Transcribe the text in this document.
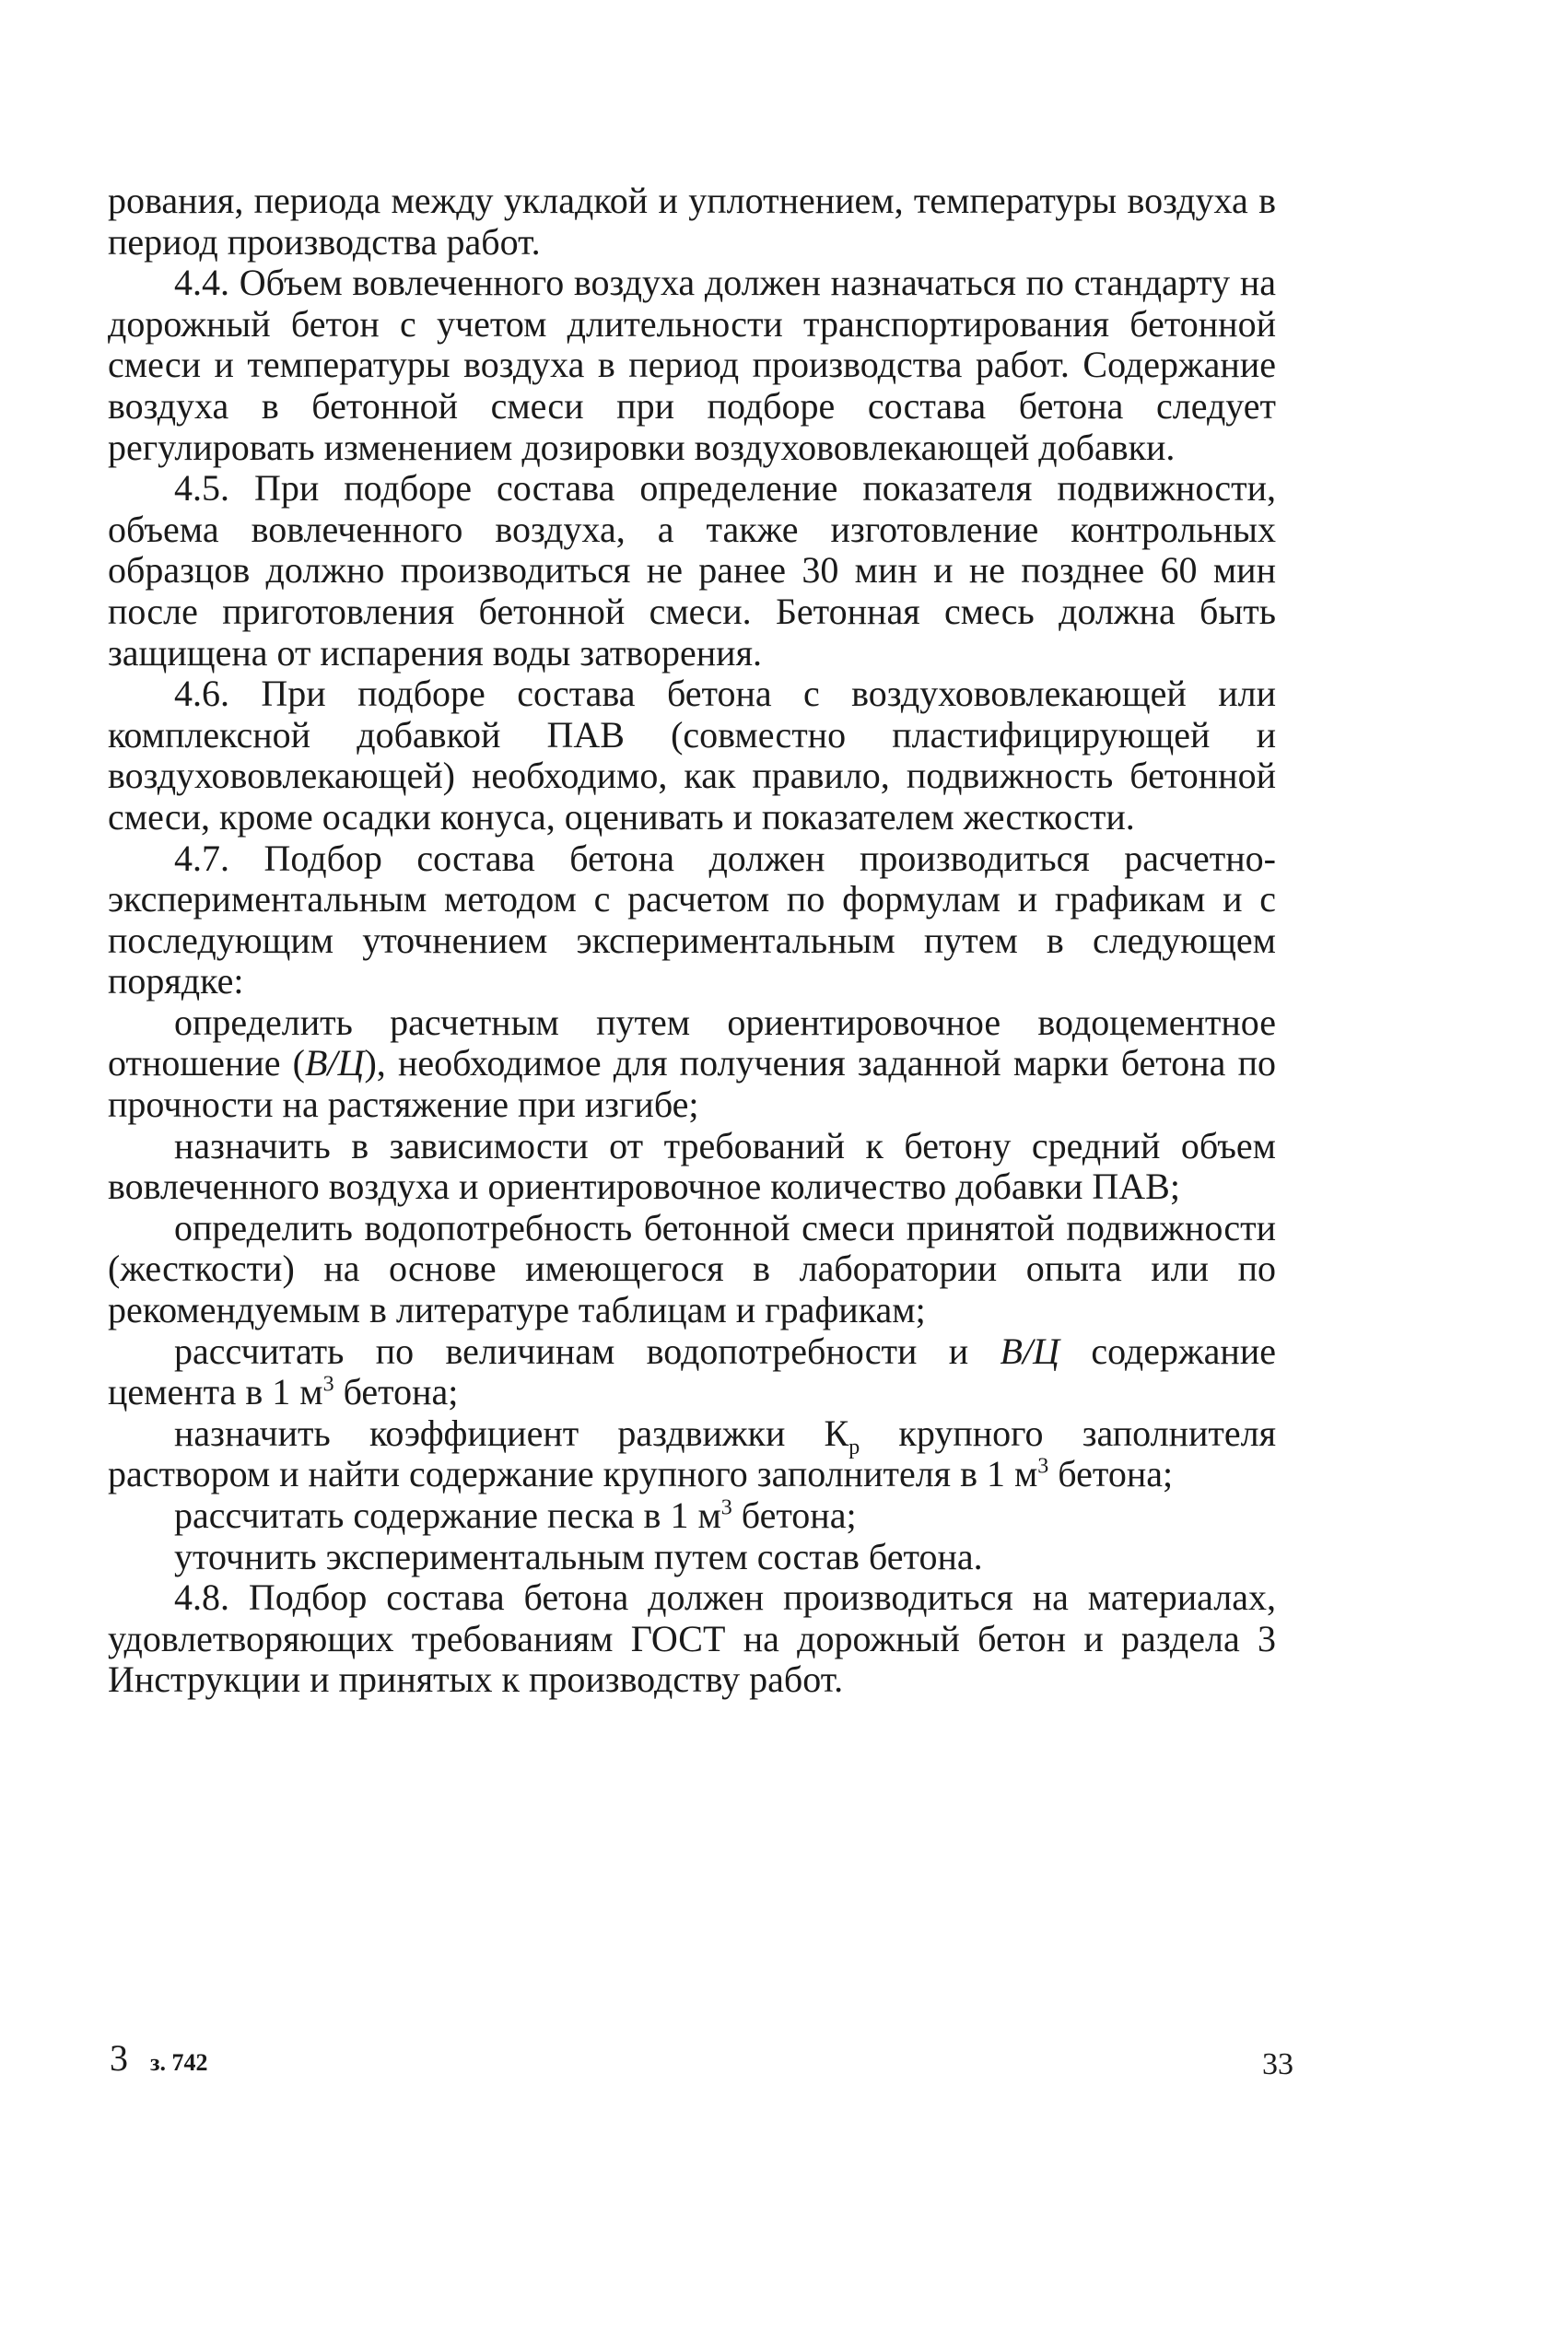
рования, периода между укладкой и уплотнением, температуры воздуха в период производства работ.

4.4. Объем вовлеченного воздуха должен назначаться по стандарту на дорожный бетон с учетом длительности транспортирования бетонной смеси и температуры воздуха в период производства работ. Содержание воздуха в бетонной смеси при подборе состава бетона следует регулировать изменением дозировки воздухововлекающей добавки.

4.5. При подборе состава определение показателя подвижности, объема вовлеченного воздуха, а также изготовление контрольных образцов должно производиться не ранее 30 мин и не позднее 60 мин после приготовления бетонной смеси. Бетонная смесь должна быть защищена от испарения воды затворения.

4.6. При подборе состава бетона с воздухововлекающей или комплексной добавкой ПАВ (совместно пластифицирующей и воздухововлекающей) необходимо, как правило, подвижность бетонной смеси, кроме осадки конуса, оценивать и показателем жесткости.

4.7. Подбор состава бетона должен производиться расчетно-экспериментальным методом с расчетом по формулам и графикам и с последующим уточнением экспериментальным путем в следующем порядке:

определить расчетным путем ориентировочное водоцементное отношение (В/Ц), необходимое для получения заданной марки бетона по прочности на растяжение при изгибе;

назначить в зависимости от требований к бетону средний объем вовлеченного воздуха и ориентировочное количество добавки ПАВ;

определить водопотребность бетонной смеси принятой подвижности (жесткости) на основе имеющегося в лаборатории опыта или по рекомендуемым в литературе таблицам и графикам;

рассчитать по величинам водопотребности и В/Ц содержание цемента в 1 $м^3$ бетона;

назначить коэффициент раздвижки $К_р$ крупного заполнителя раствором и найти содержание крупного заполнителя в 1 $м^3$ бетона;

рассчитать содержание песка в 1 $м^3$ бетона;

уточнить экспериментальным путем состав бетона.

4.8. Подбор состава бетона должен производиться на материалах, удовлетворяющих требованиям ГОСТ на дорожный бетон и раздела 3 Инструкции и принятых к производству работ.

3 з. 742	33
